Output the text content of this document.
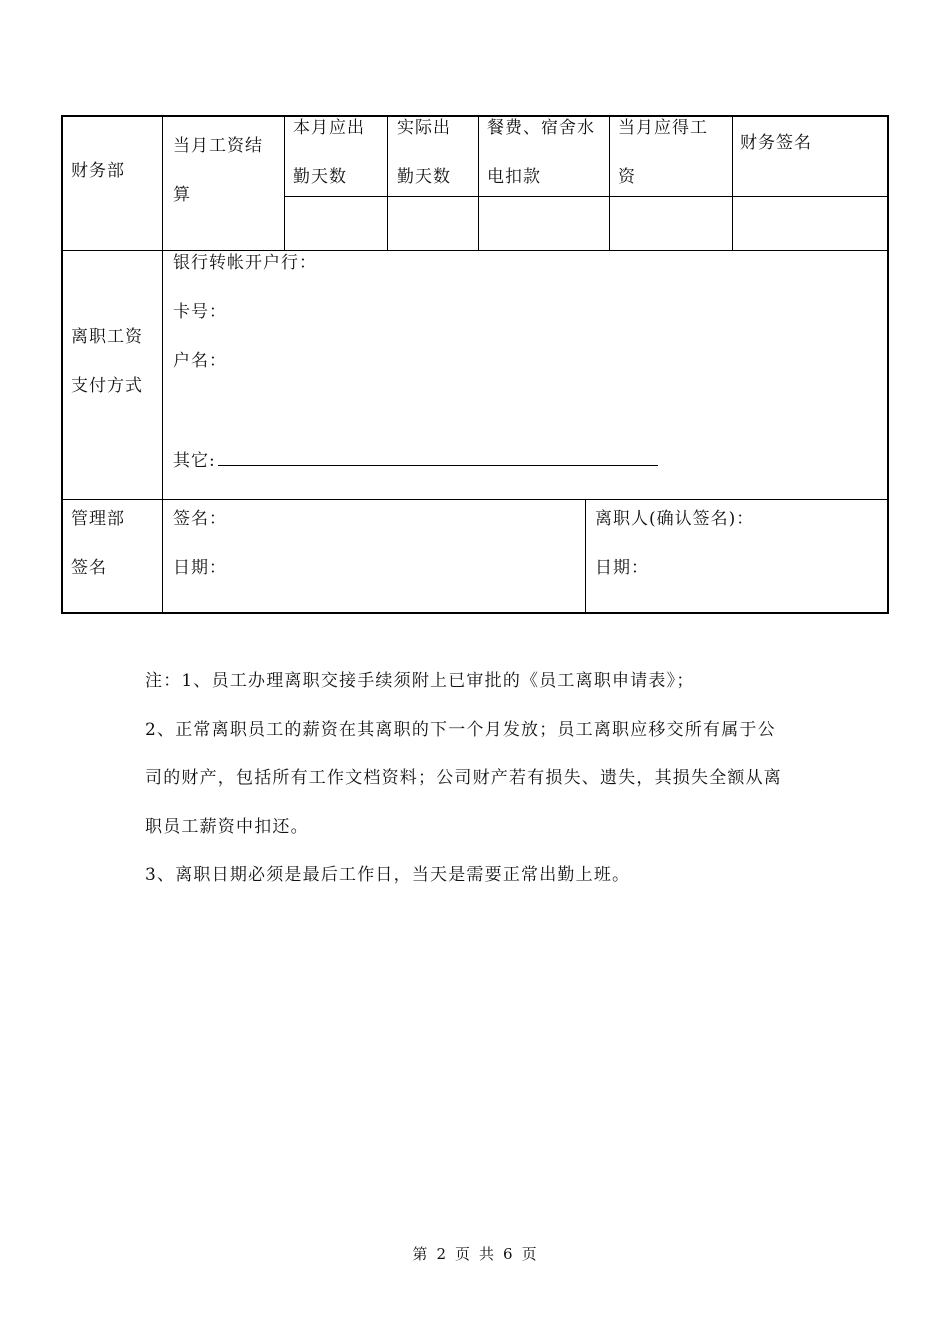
财务部
当月工资结
算
本月应出
勤天数
实际出
勤天数
餐费、宿舍水
电扣款
当月应得工
资
财务签名
离职工资
支付方式
银行转帐开户行：
卡号：
户名：
其它:
管理部
签名
签名：
日期：
离职人(确认签名)：
日期：

注：1、员工办理离职交接手续须附上已审批的《员工离职申请表》；

2、正常离职员工的薪资在其离职的下一个月发放；员工离职应移交所有属于公

司的财产，包括所有工作文档资料；公司财产若有损失、遗失，其损失全额从离

职员工薪资中扣还。

3、离职日期必须是最后工作日，当天是需要正常出勤上班。

第 2 页 共 6 页
